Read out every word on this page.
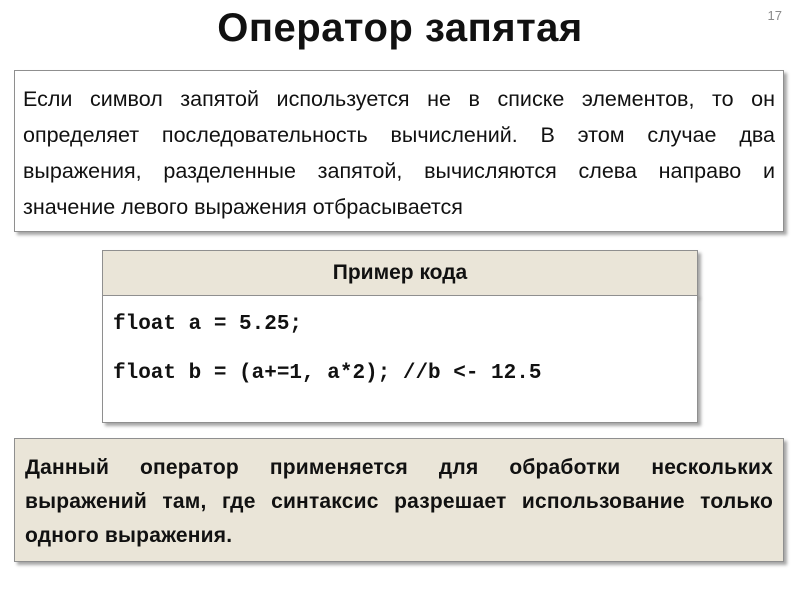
Оператор запятая	17

Если символ запятой используется не в списке элементов, то он определяет последовательность вычислений. В этом случае два выражения, разделенные запятой, вычисляются слева направо и значение левого выражения отбрасывается

Пример кода
float a = 5.25;
float b = (a+=1, a*2); //b <- 12.5

Данный оператор применяется для обработки нескольких выражений там, где синтаксис разрешает использование только одного выражения.
